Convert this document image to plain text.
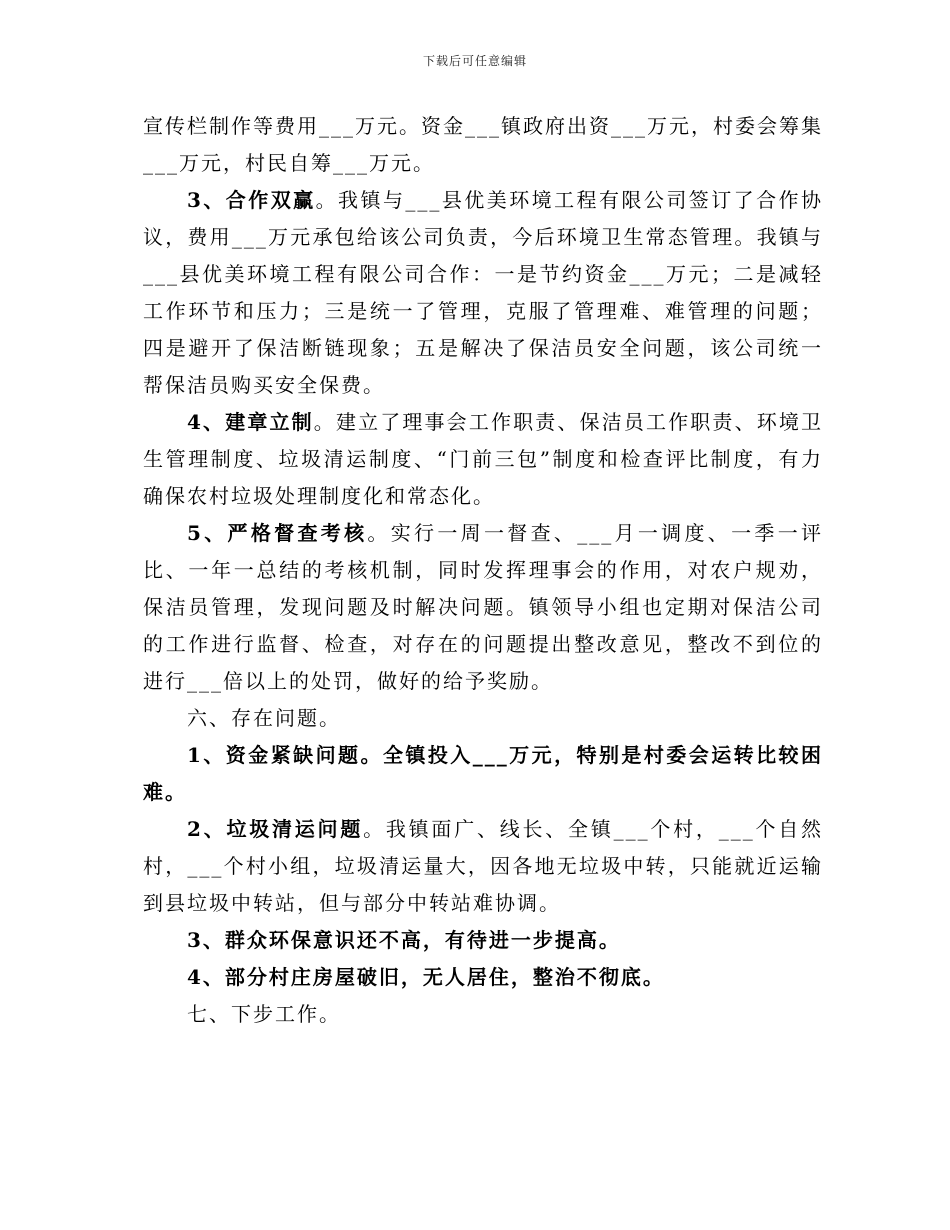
下载后可任意编辑

宣传栏制作等费用___万元。资金___镇政府出资___万元，村委会筹集___万元，村民自筹___万元。

3、合作双赢。我镇与___县优美环境工程有限公司签订了合作协议，费用___万元承包给该公司负责，今后环境卫生常态管理。我镇与___县优美环境工程有限公司合作：一是节约资金___万元；二是减轻工作环节和压力；三是统一了管理，克服了管理难、难管理的问题；四是避开了保洁断链现象；五是解决了保洁员安全问题，该公司统一帮保洁员购买安全保费。

4、建章立制。建立了理事会工作职责、保洁员工作职责、环境卫生管理制度、垃圾清运制度、“门前三包”制度和检查评比制度，有力确保农村垃圾处理制度化和常态化。

5、严格督查考核。实行一周一督查、___月一调度、一季一评比、一年一总结的考核机制，同时发挥理事会的作用，对农户规劝，保洁员管理，发现问题及时解决问题。镇领导小组也定期对保洁公司的工作进行监督、检查，对存在的问题提出整改意见，整改不到位的进行___倍以上的处罚，做好的给予奖励。

六、存在问题。

1、资金紧缺问题。全镇投入___万元，特别是村委会运转比较困难。

2、垃圾清运问题。我镇面广、线长、全镇___个村，___个自然村，___个村小组，垃圾清运量大，因各地无垃圾中转，只能就近运输到县垃圾中转站，但与部分中转站难协调。

3、群众环保意识还不高，有待进一步提高。

4、部分村庄房屋破旧，无人居住，整治不彻底。

七、下步工作。
